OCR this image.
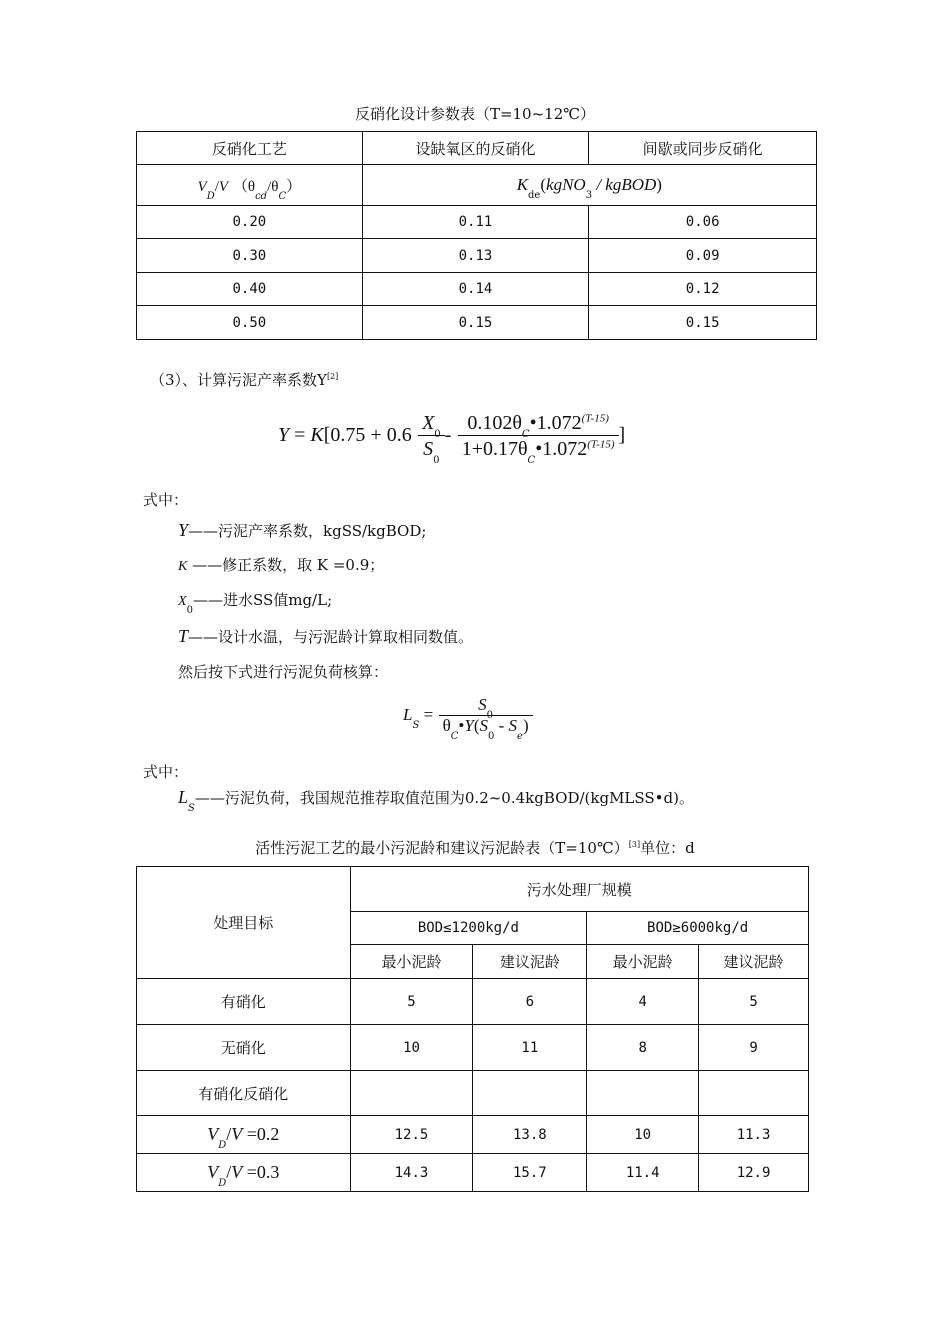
反硝化设计参数表（T=10~12℃）
反硝化工艺	设缺氧区的反硝化	间歇或同步反硝化
$V_D/V$ $(\theta_{cd}/\theta_C)$	$K_{de}(kgNO_3$ / kgBOD)	
0.20	0.11	0.06
0.30	0.13	0.09
0.40	0.14	0.12
0.50	0.15	0.15
（3）、计算污泥产率系数Y[2]
$Y = K[0.75 + 0.6 \frac{X_0}{S_0} - \frac{0.102\theta_C•1.072^{(T-15)}}{1+0.17\theta_C•1.072^{(T-15)}}$ ]
式中：
Y——污泥产率系数，kgSS/kgBOD;
K ——修正系数，取 K =0.9；
$X_0——$进水SS值mg/L;
T——设计水温，与污泥龄计算取相同数值。
然后按下式进行污泥负荷核算：
$L_S = \frac{S_0}{\theta_C•Y(S_0 - S_e)}$
式中：
$L_S——$污泥负荷，我国规范推荐取值范围为0.2~0.4kgBOD/(kgMLSS•d)。
活性污泥工艺的最小污泥龄和建议污泥龄表（T=10℃）[3]单位：d
处理目标	污水处理厂规模			
	BOD≤1200kg/d		BOD≥6000kg/d	
	最小泥龄	建议泥龄	最小泥龄	建议泥龄
有硝化	5	6	4	5
无硝化	10	11	8	9
有硝化反硝化				
$V_D/V =0.2$	12.5	13.8	10	11.3
$V_D/V =0.3$	14.3	15.7	11.4	12.9
